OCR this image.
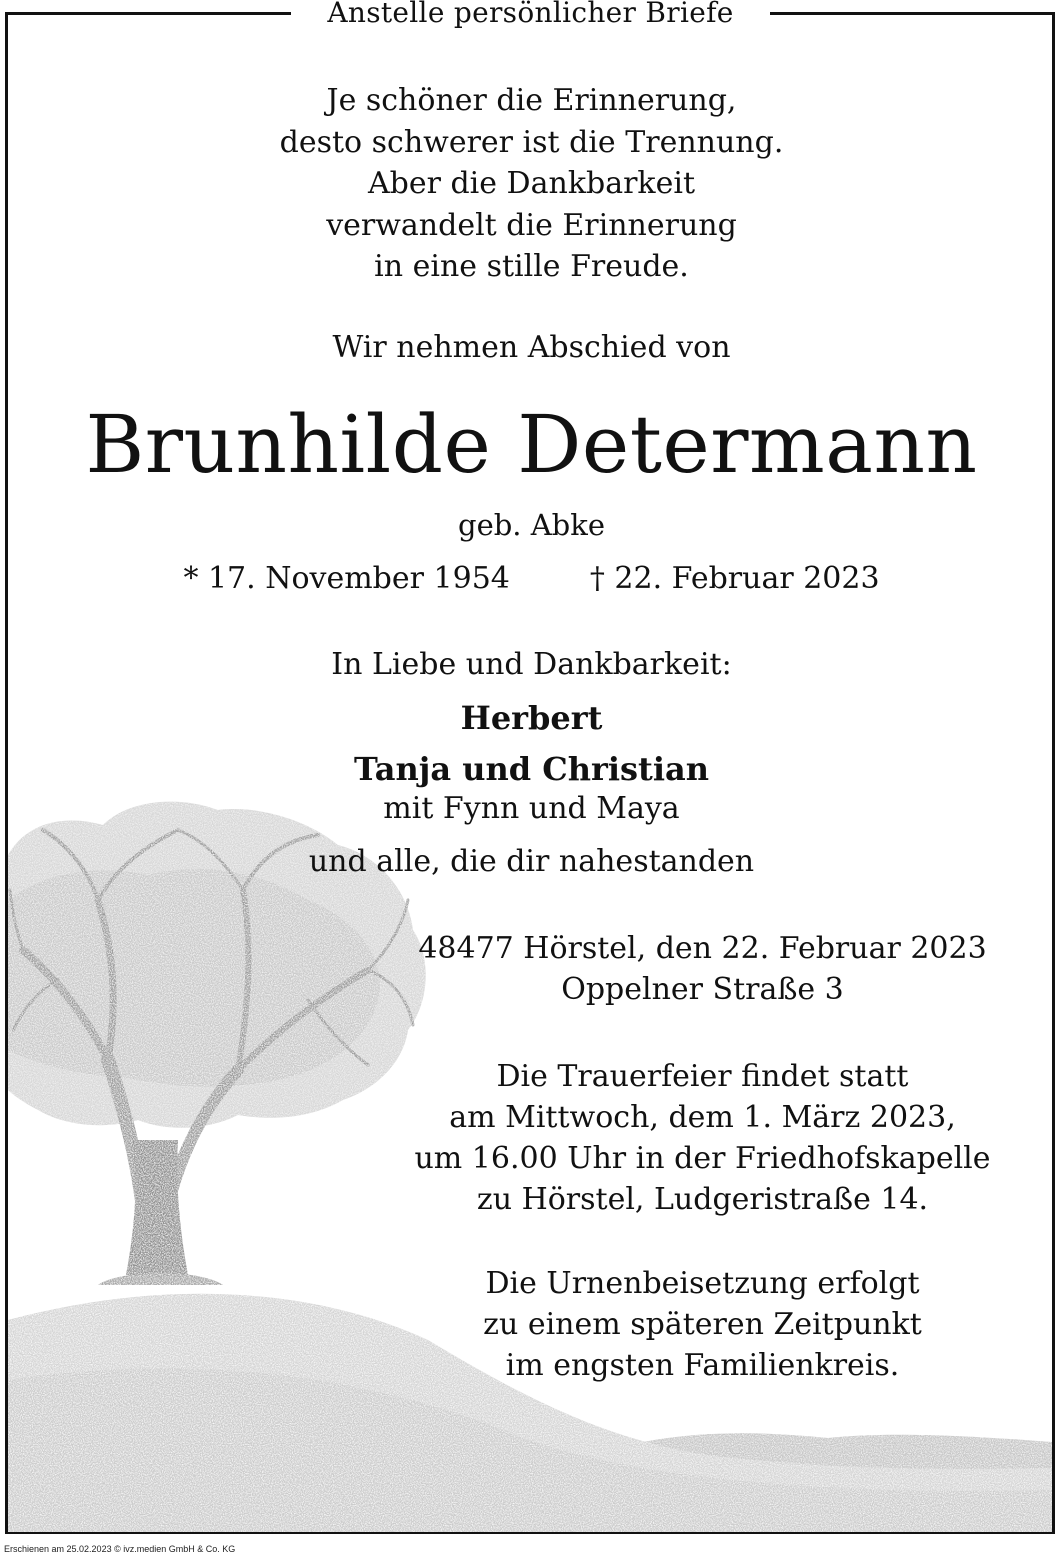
Anstelle persönlicher Briefe
Je schöner die Erinnerung,
desto schwerer ist die Trennung.
Aber die Dankbarkeit
verwandelt die Erinnerung
in eine stille Freude.
Wir nehmen Abschied von
Brunhilde Determann
geb. Abke
* 17. November 1954	† 22. Februar 2023
In Liebe und Dankbarkeit:
Herbert
Tanja und Christian
mit Fynn und Maya
und alle, die dir nahestanden
48477 Hörstel, den 22. Februar 2023
Oppelner Straße 3
Die Trauerfeier findet statt
am Mittwoch, dem 1. März 2023,
um 16.00 Uhr in der Friedhofskapelle
zu Hörstel, Ludgeristraße 14.
Die Urnenbeisetzung erfolgt
zu einem späteren Zeitpunkt
im engsten Familienkreis.
Erschienen am 25.02.2023 © ivz.medien GmbH & Co. KG
